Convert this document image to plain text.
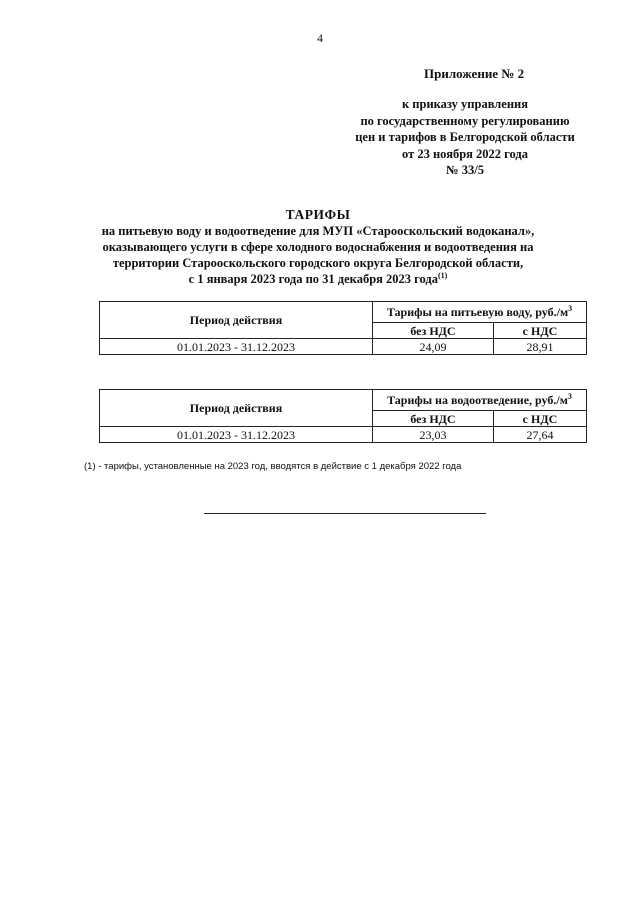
4
Приложение № 2
к приказу управления
по государственному регулированию
цен и тарифов в Белгородской области
от 23 ноября 2022 года
№ 33/5
ТАРИФЫ
на питьевую воду и водоотведение для МУП «Старооскольский водоканал»,
оказывающего услуги в сфере холодного водоснабжения и водоотведения на
территории Старооскольского городского округа Белгородской области,
с 1 января 2023 года по 31 декабря 2023 года$^{(1)}$
Период действия	Тарифы на питьевую воду, $руб./м^3$
	без НДС	с НДС
01.01.2023 - 31.12.2023	24,09	28,91
Период действия	Тарифы на водоотведение, $руб./м^3$
	без НДС	с НДС
01.01.2023 - 31.12.2023	23,03	27,64
(1) - тарифы, установленные на 2023 год, вводятся в действие с 1 декабря 2022 года
